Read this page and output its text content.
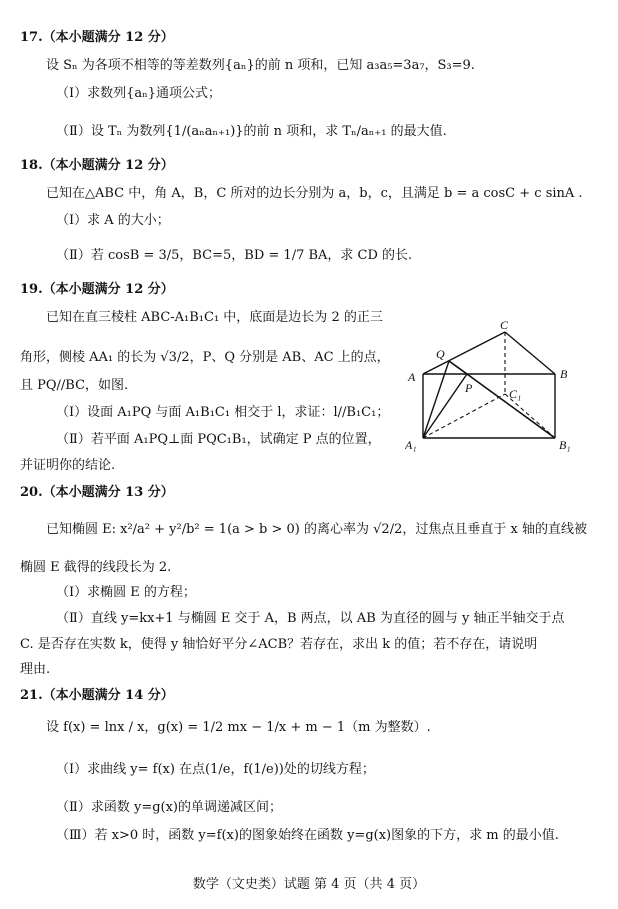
17.（本小题满分 12 分）
设 Sₙ 为各项不相等的等差数列{aₙ}的前 n 项和，已知 a₃a₅=3a₇，S₃=9.
（Ⅰ）求数列{aₙ}通项公式；
（Ⅱ）设 Tₙ 为数列{1/(aₙaₙ₊₁)}的前 n 项和，求 Tₙ/aₙ₊₁ 的最大值.
18.（本小题满分 12 分）
已知在△ABC 中，角 A，B，C 所对的边长分别为 a，b，c，且满足 b = a cosC + c sinA .
（Ⅰ）求 A 的大小；
（Ⅱ）若 cosB = 3/5，BC=5，BD = 1/7 BA，求 CD 的长.
19.（本小题满分 12 分）
已知在直三棱柱 ABC-A₁B₁C₁ 中，底面是边长为 2 的正三
角形，侧棱 AA₁ 的长为 √3/2，P、Q 分别是 AB、AC 上的点，
且 PQ//BC，如图.
（Ⅰ）设面 A₁PQ 与面 A₁B₁C₁ 相交于 l，求证：l//B₁C₁；
（Ⅱ）若平面 A₁PQ⊥面 PQC₁B₁，试确定 P 点的位置，
并证明你的结论.
C
Q
A
P	C₁
B
A₁	B₁
20.（本小题满分 13 分）
已知椭圆 E: x²/a² + y²/b² = 1(a > b > 0) 的离心率为 √2/2，过焦点且垂直于 x 轴的直线被
椭圆 E 截得的线段长为 2.
（Ⅰ）求椭圆 E 的方程；
（Ⅱ）直线 y=kx+1 与椭圆 E 交于 A，B 两点，以 AB 为直径的圆与 y 轴正半轴交于点
C. 是否存在实数 k，使得 y 轴恰好平分∠ACB？若存在，求出 k 的值；若不存在，请说明
理由.
21.（本小题满分 14 分）
设 f(x) = lnx / x，g(x) = 1/2 mx − 1/x + m − 1（m 为整数）.
（Ⅰ）求曲线 y= f(x) 在点(1/e，f(1/e))处的切线方程；
（Ⅱ）求函数 y=g(x)的单调递减区间；
（Ⅲ）若 x>0 时，函数 y=f(x)的图象始终在函数 y=g(x)图象的下方，求 m 的最小值.
数学（文史类）试题 第 4 页（共 4 页）
